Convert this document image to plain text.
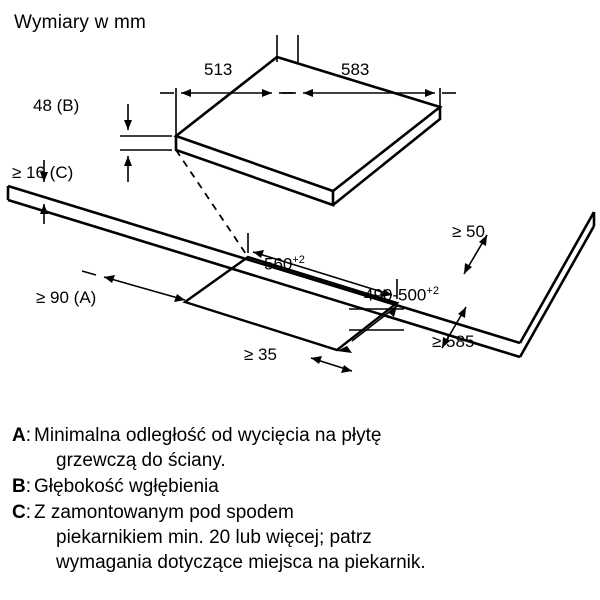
Wymiary w mm
513	583
48 (B)
≥ 16 (C)
$560^{+2}$
$490-500^{+2}$
≥ 90 (A)
≥ 50
≥ 35
≥ 585
A : Minimalna odległość od wycięcia na płytę
grzewczą do ściany.
B : Głębokość wgłębienia
C : Z zamontowanym pod spodem
piekarnikiem min. 20 lub więcej; patrz
wymagania dotyczące miejsca na piekarnik.
